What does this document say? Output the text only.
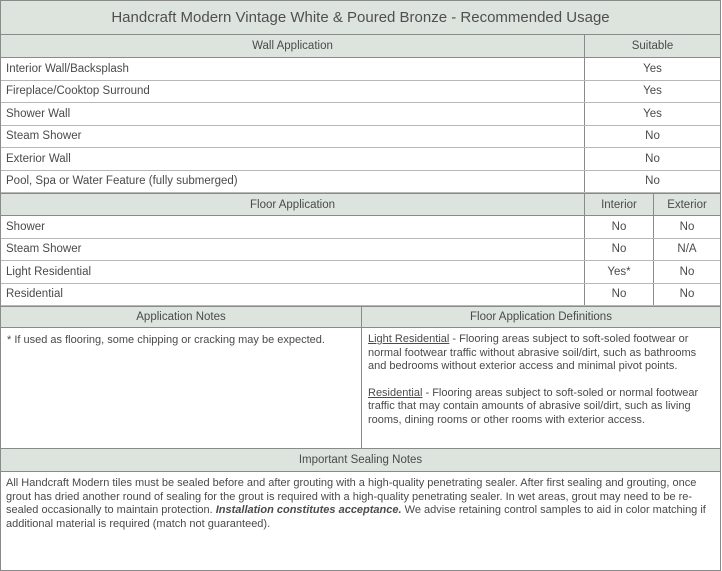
Handcraft Modern Vintage White & Poured Bronze - Recommended Usage
Wall Application	Suitable
Interior Wall/Backsplash	Yes
Fireplace/Cooktop Surround	Yes
Shower Wall	Yes
Steam Shower	No
Exterior Wall	No
Pool, Spa or Water Feature (fully submerged)	No
Floor Application	Interior	Exterior
Shower	No	No
Steam Shower	No	N/A
Light Residential	Yes*	No
Residential	No	No
Application Notes	Floor Application Definitions
* If used as flooring, some chipping or cracking may be expected.	Light Residential - Flooring areas subject to soft-soled footwear or normal footwear traffic without abrasive soil/dirt, such as bathrooms and bedrooms without exterior access and minimal pivot points.
Residential - Flooring areas subject to soft-soled or normal footwear traffic that may contain amounts of abrasive soil/dirt, such as living rooms, dining rooms or other rooms with exterior access.
Important Sealing Notes
All Handcraft Modern tiles must be sealed before and after grouting with a high-quality penetrating sealer. After first sealing and grouting, once grout has dried another round of sealing for the grout is required with a high-quality penetrating sealer. In wet areas, grout may need to be re-sealed occasionally to maintain protection. Installation constitutes acceptance. We advise retaining control samples to aid in color matching if additional material is required (match not guaranteed).
